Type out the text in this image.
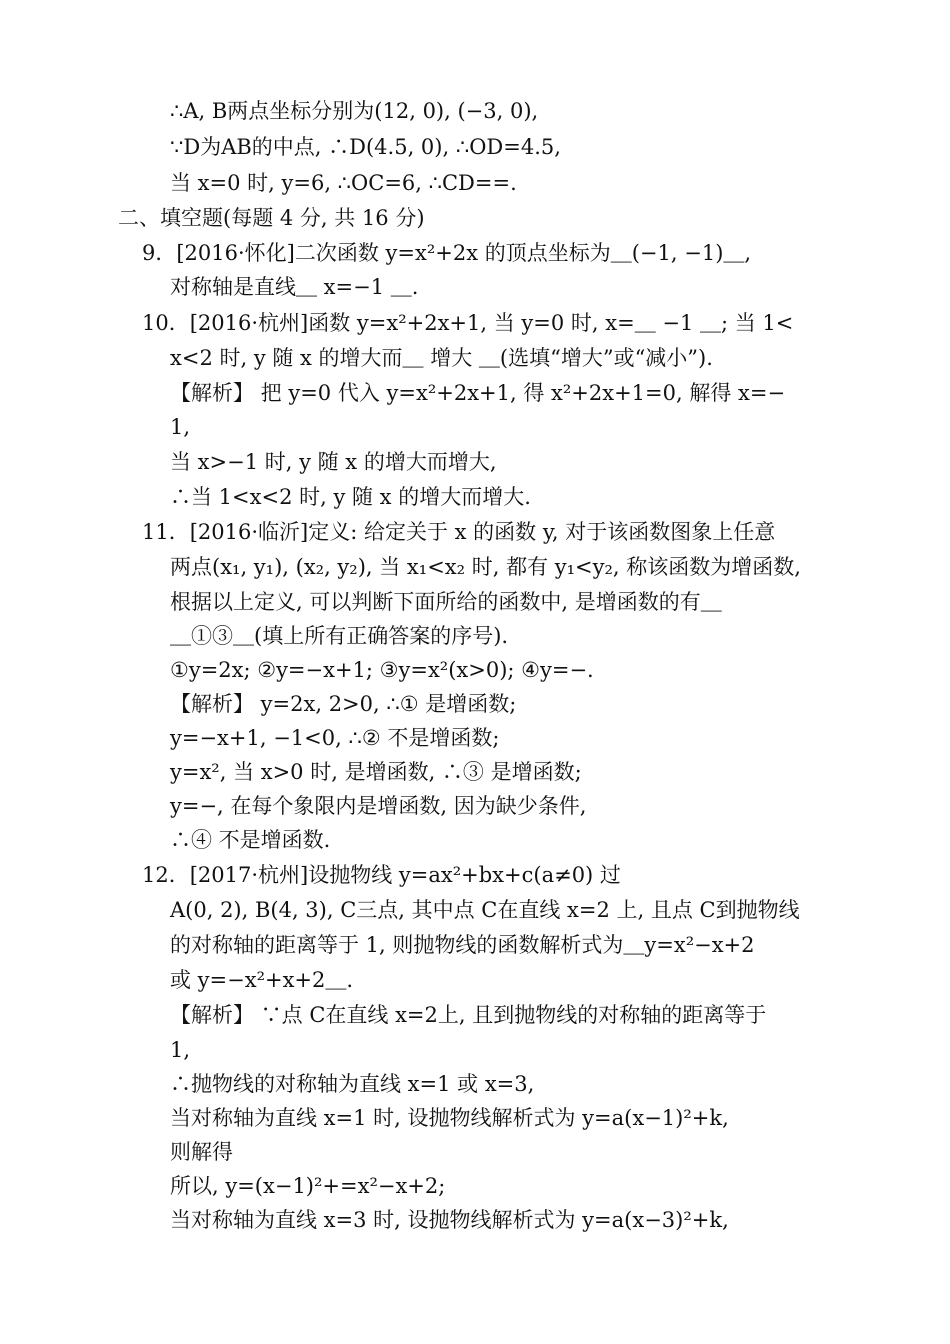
∴A, B两点坐标分别为(12, 0), (−3, 0),
∵D为AB的中点, ∴D(4.5, 0), ∴OD=4.5,
当 x=0 时, y=6, ∴OC=6, ∴CD==.
二、填空题(每题 4 分, 共 16 分)
9．[2016·怀化]二次函数 y=x²+2x 的顶点坐标为＿(−1, −1)＿,
对称轴是直线＿ x=−1 ＿.
10．[2016·杭州]函数 y=x²+2x+1, 当 y=0 时, x=＿ −1 ＿; 当 1<
x<2 时, y 随 x 的增大而＿ 增大 ＿(选填“增大”或“减小”).
【解析】 把 y=0 代入 y=x²+2x+1, 得 x²+2x+1=0, 解得 x=−
1,
当 x>−1 时, y 随 x 的增大而增大,
∴当 1<x<2 时, y 随 x 的增大而增大.
11．[2016·临沂]定义: 给定关于 x 的函数 y, 对于该函数图象上任意
两点(x₁, y₁), (x₂, y₂), 当 x₁<x₂ 时, 都有 y₁<y₂, 称该函数为增函数,
根据以上定义, 可以判断下面所给的函数中, 是增函数的有＿
＿①③＿(填上所有正确答案的序号).
①y=2x; ②y=−x+1; ③y=x²(x>0); ④y=−.
【解析】 y=2x, 2>0, ∴① 是增函数;
y=−x+1, −1<0, ∴② 不是增函数;
y=x², 当 x>0 时, 是增函数, ∴③ 是增函数;
y=−, 在每个象限内是增函数, 因为缺少条件,
∴④ 不是增函数.
12．[2017·杭州]设抛物线 y=ax²+bx+c(a≠0) 过
A(0, 2), B(4, 3), C三点, 其中点 C在直线 x=2 上, 且点 C到抛物线
的对称轴的距离等于 1, 则抛物线的函数解析式为＿y=x²−x+2
或 y=−x²+x+2＿.
【解析】 ∵点 C在直线 x=2上, 且到抛物线的对称轴的距离等于
1,
∴抛物线的对称轴为直线 x=1 或 x=3,
当对称轴为直线 x=1 时, 设抛物线解析式为 y=a(x−1)²+k,
则解得
所以, y=(x−1)²+=x²−x+2;
当对称轴为直线 x=3 时, 设抛物线解析式为 y=a(x−3)²+k,
